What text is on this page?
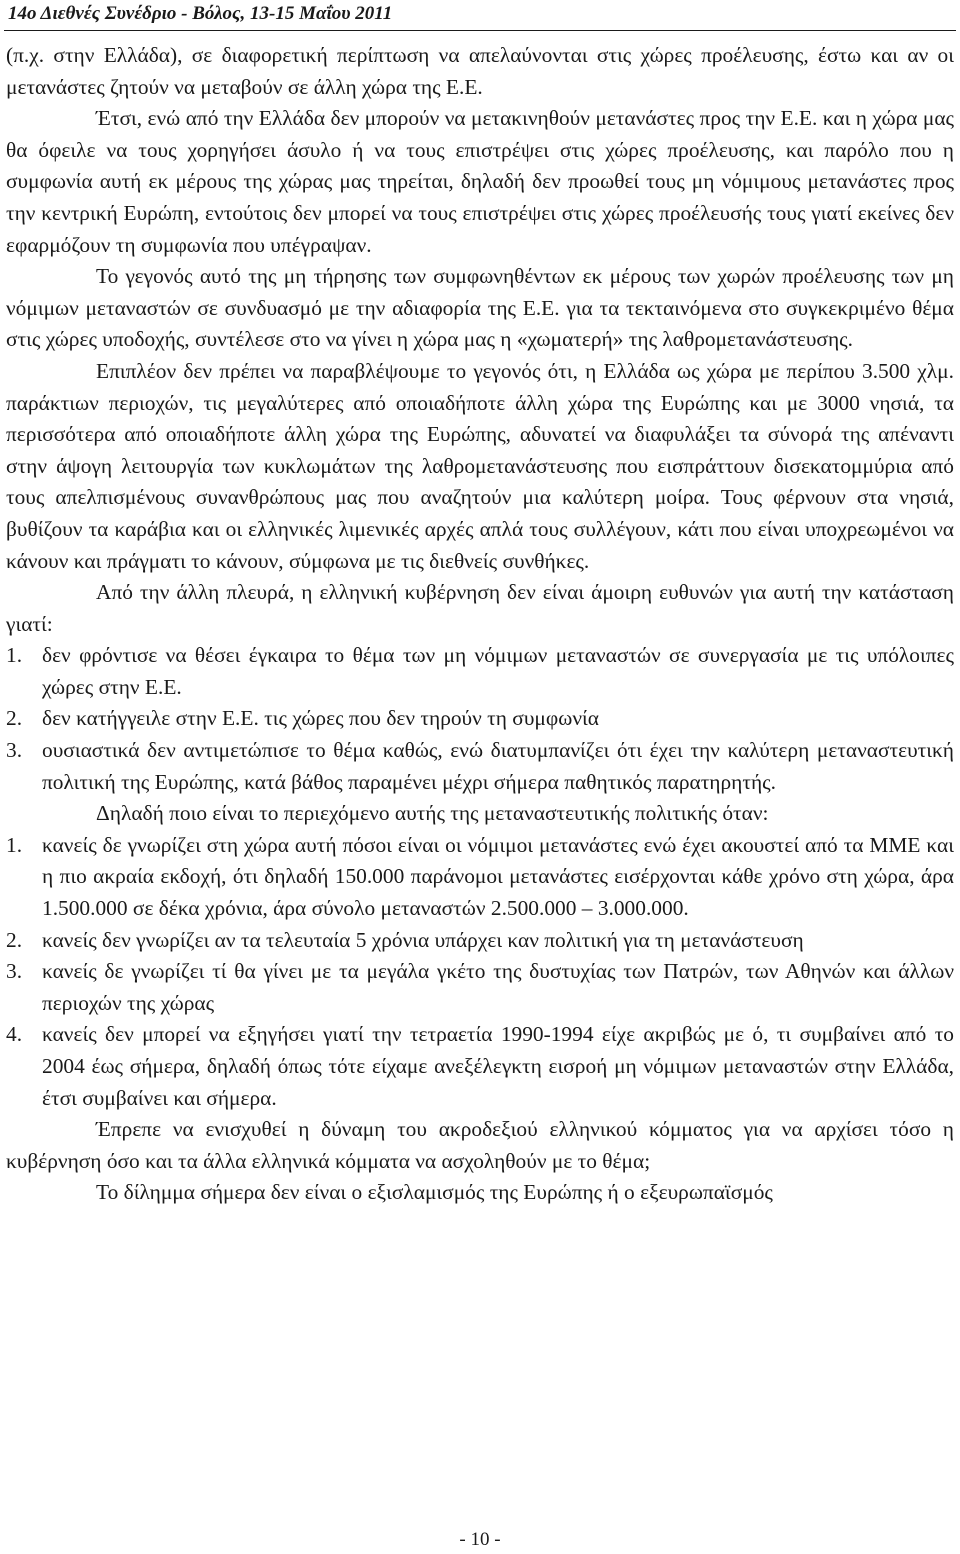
14ο Διεθνές Συνέδριο - Βόλος, 13-15 Μαΐου 2011

(π.χ. στην Ελλάδα), σε διαφορετική περίπτωση να απελαύνονται στις χώρες προέλευσης, έστω και αν οι μετανάστες ζητούν να μεταβούν σε άλλη χώρα της Ε.Ε.

Έτσι, ενώ από την Ελλάδα δεν μπορούν να μετακινηθούν μετανάστες προς την Ε.Ε. και η χώρα μας θα όφειλε να τους χορηγήσει άσυλο ή να τους επιστρέψει στις χώρες προέλευσης, και παρόλο που η συμφωνία αυτή εκ μέρους της χώρας μας τηρείται, δηλαδή δεν προωθεί τους μη νόμιμους μετανάστες προς την κεντρική Ευρώπη, εντούτοις δεν μπορεί να τους επιστρέψει στις χώρες προέλευσής τους γιατί εκείνες δεν εφαρμόζουν τη συμφωνία που υπέγραψαν.

Το γεγονός αυτό της μη τήρησης των συμφωνηθέντων εκ μέρους των χωρών προέλευσης των μη νόμιμων μεταναστών σε συνδυασμό με την αδιαφορία της Ε.Ε. για τα τεκταινόμενα στο συγκεκριμένο θέμα στις χώρες υποδοχής, συντέλεσε στο να γίνει η χώρα μας η «χωματερή» της λαθρομετανάστευσης.

Επιπλέον δεν πρέπει να παραβλέψουμε το γεγονός ότι, η Ελλάδα ως χώρα με περίπου 3.500 χλμ. παράκτιων περιοχών, τις μεγαλύτερες από οποιαδήποτε άλλη χώρα της Ευρώπης και με 3000 νησιά, τα περισσότερα από οποιαδήποτε άλλη χώρα της Ευρώπης, αδυνατεί να διαφυλάξει τα σύνορά της απέναντι στην άψογη λειτουργία των κυκλωμάτων της λαθρομετανάστευσης που εισπράττουν δισεκατομμύρια από τους απελπισμένους συνανθρώπους μας που αναζητούν μια καλύτερη μοίρα. Τους φέρνουν στα νησιά, βυθίζουν τα καράβια και οι ελληνικές λιμενικές αρχές απλά τους συλλέγουν, κάτι που είναι υποχρεωμένοι να κάνουν και πράγματι το κάνουν, σύμφωνα με τις διεθνείς συνθήκες.

Από την άλλη πλευρά, η ελληνική κυβέρνηση δεν είναι άμοιρη ευθυνών για αυτή την κατάσταση γιατί:

1. δεν φρόντισε να θέσει έγκαιρα το θέμα των μη νόμιμων μεταναστών σε συνεργασία με τις υπόλοιπες χώρες στην Ε.Ε.
2. δεν κατήγγειλε στην Ε.Ε. τις χώρες που δεν τηρούν τη συμφωνία
3. ουσιαστικά δεν αντιμετώπισε το θέμα καθώς, ενώ διατυμπανίζει ότι έχει την καλύτερη μεταναστευτική πολιτική της Ευρώπης, κατά βάθος παραμένει μέχρι σήμερα παθητικός παρατηρητής.

Δηλαδή ποιο είναι το περιεχόμενο αυτής της μεταναστευτικής πολιτικής όταν:

1. κανείς δε γνωρίζει στη χώρα αυτή πόσοι είναι οι νόμιμοι μετανάστες ενώ έχει ακουστεί από τα ΜΜΕ και η πιο ακραία εκδοχή, ότι δηλαδή 150.000 παράνομοι μετανάστες εισέρχονται κάθε χρόνο στη χώρα, άρα 1.500.000 σε δέκα χρόνια, άρα σύνολο μεταναστών 2.500.000 – 3.000.000.
2. κανείς δεν γνωρίζει αν τα τελευταία 5 χρόνια υπάρχει καν πολιτική για τη μετανάστευση
3. κανείς δε γνωρίζει τί θα γίνει με τα μεγάλα γκέτο της δυστυχίας των Πατρών, των Αθηνών και άλλων περιοχών της χώρας
4. κανείς δεν μπορεί να εξηγήσει γιατί την τετραετία 1990-1994 είχε ακριβώς με ό, τι συμβαίνει από το 2004 έως σήμερα, δηλαδή όπως τότε είχαμε ανεξέλεγκτη εισροή μη νόμιμων μεταναστών στην Ελλάδα, έτσι συμβαίνει και σήμερα.

Έπρεπε να ενισχυθεί η δύναμη του ακροδεξιού ελληνικού κόμματος για να αρχίσει τόσο η κυβέρνηση όσο και τα άλλα ελληνικά κόμματα να ασχοληθούν με το θέμα;

Το δίλημμα σήμερα δεν είναι ο εξισλαμισμός της Ευρώπης ή ο εξευρωπαϊσμός

- 10 -
